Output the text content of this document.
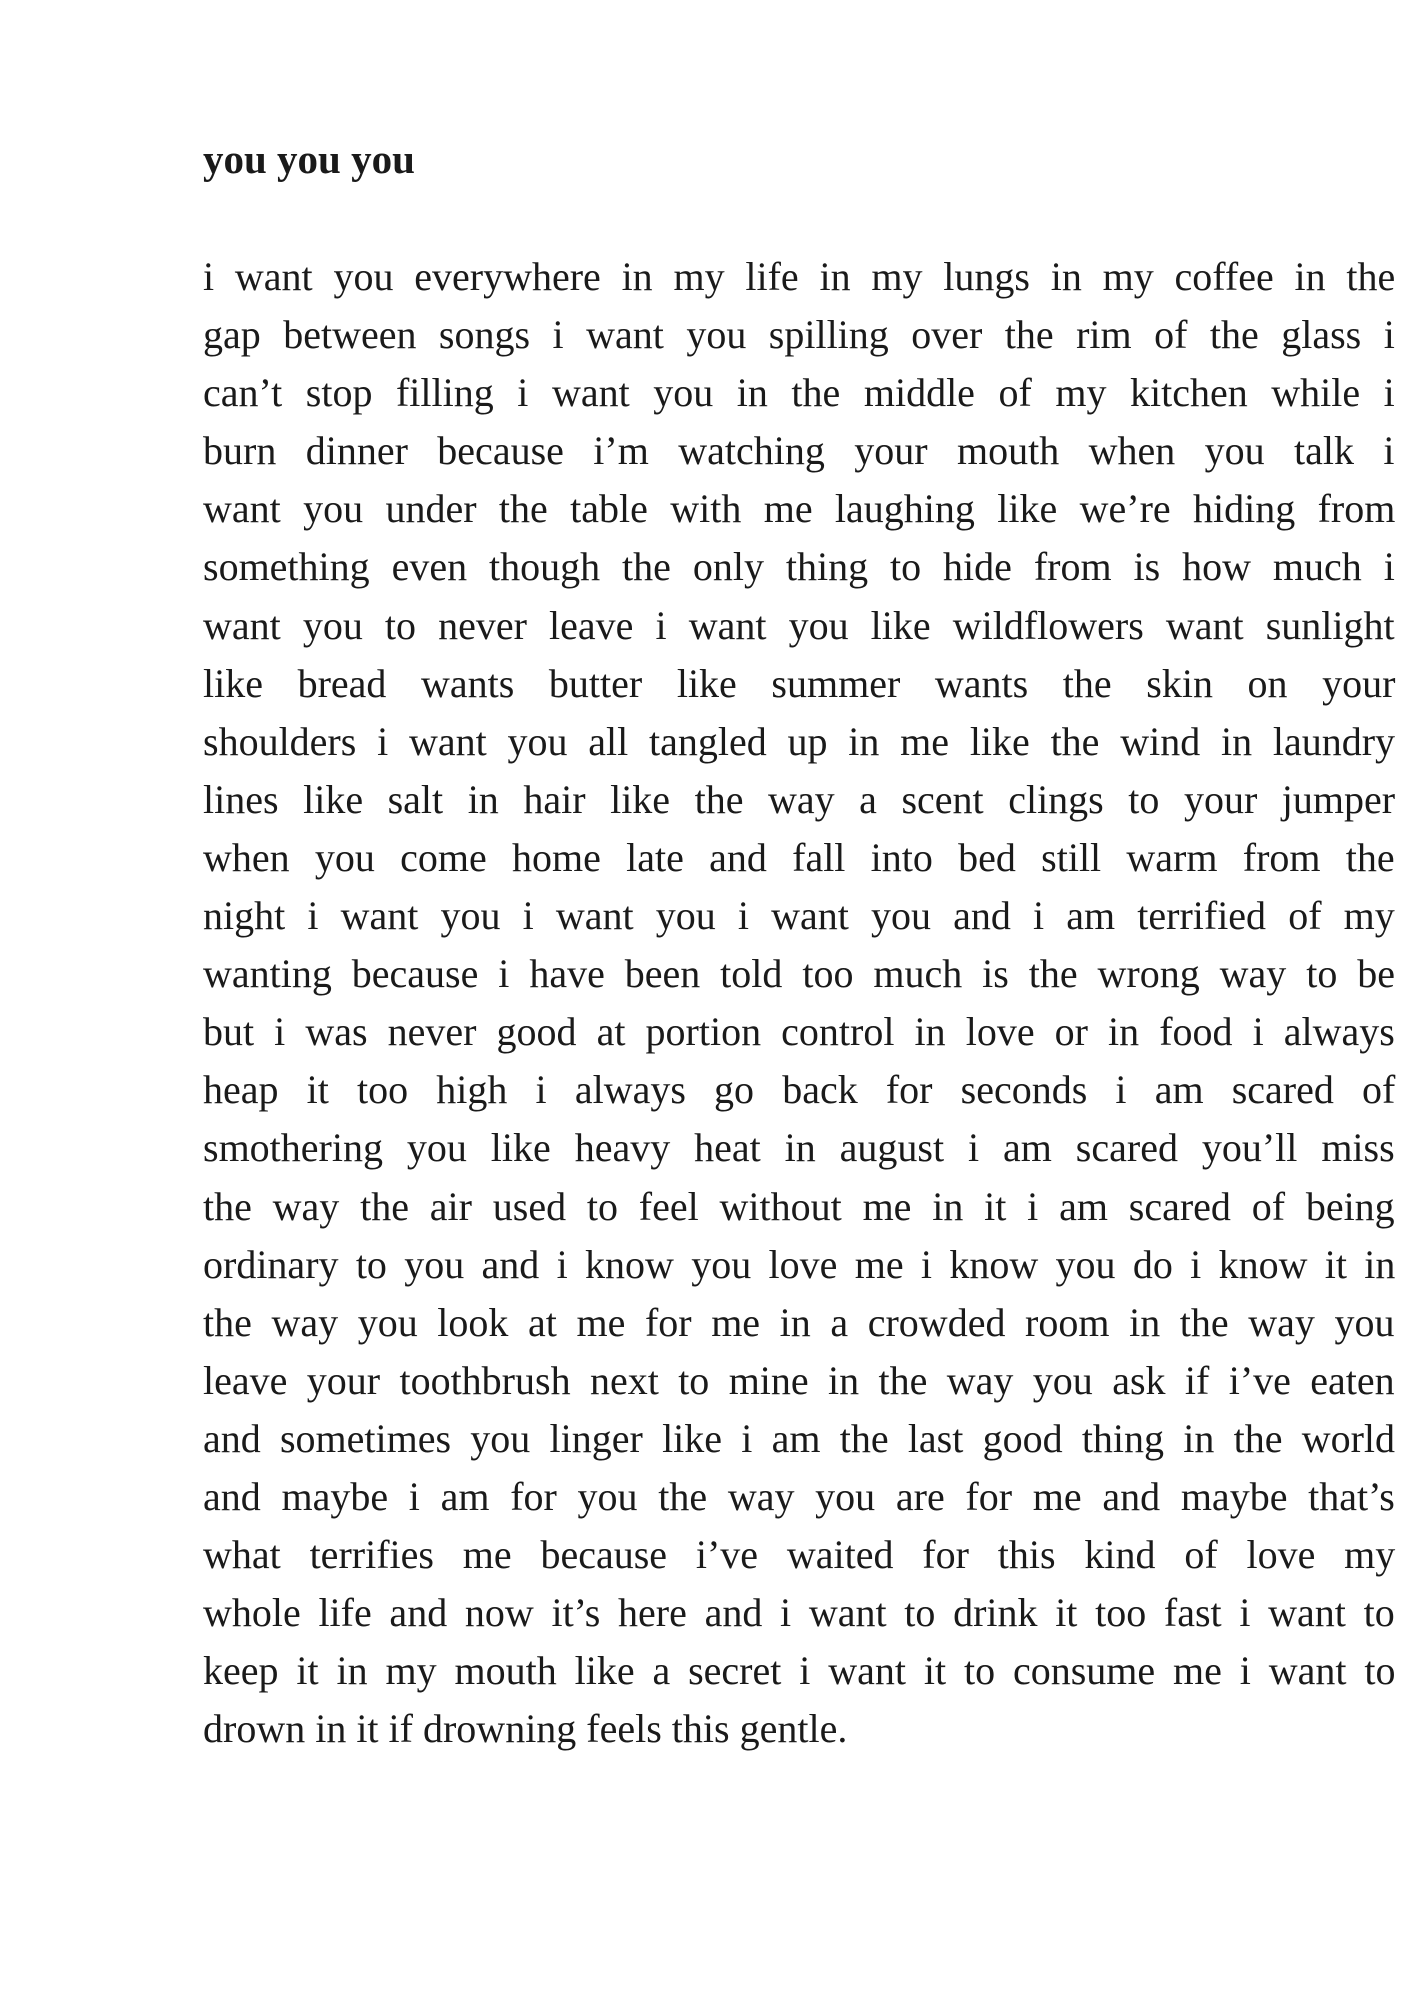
you you you
i want you everywhere in my life in my lungs in my coffee in the
gap between songs i want you spilling over the rim of the glass i
can’t stop filling i want you in the middle of my kitchen while i
burn dinner because i’m watching your mouth when you talk i
want you under the table with me laughing like we’re hiding from
something even though the only thing to hide from is how much i
want you to never leave i want you like wildflowers want sunlight
like bread wants butter like summer wants the skin on your
shoulders i want you all tangled up in me like the wind in laundry
lines like salt in hair like the way a scent clings to your jumper
when you come home late and fall into bed still warm from the
night i want you i want you i want you and i am terrified of my
wanting because i have been told too much is the wrong way to be
but i was never good at portion control in love or in food i always
heap it too high i always go back for seconds i am scared of
smothering you like heavy heat in august i am scared you’ll miss
the way the air used to feel without me in it i am scared of being
ordinary to you and i know you love me i know you do i know it in
the way you look at me for me in a crowded room in the way you
leave your toothbrush next to mine in the way you ask if i’ve eaten
and sometimes you linger like i am the last good thing in the world
and maybe i am for you the way you are for me and maybe that’s
what terrifies me because i’ve waited for this kind of love my
whole life and now it’s here and i want to drink it too fast i want to
keep it in my mouth like a secret i want it to consume me i want to
drown in it if drowning feels this gentle.
